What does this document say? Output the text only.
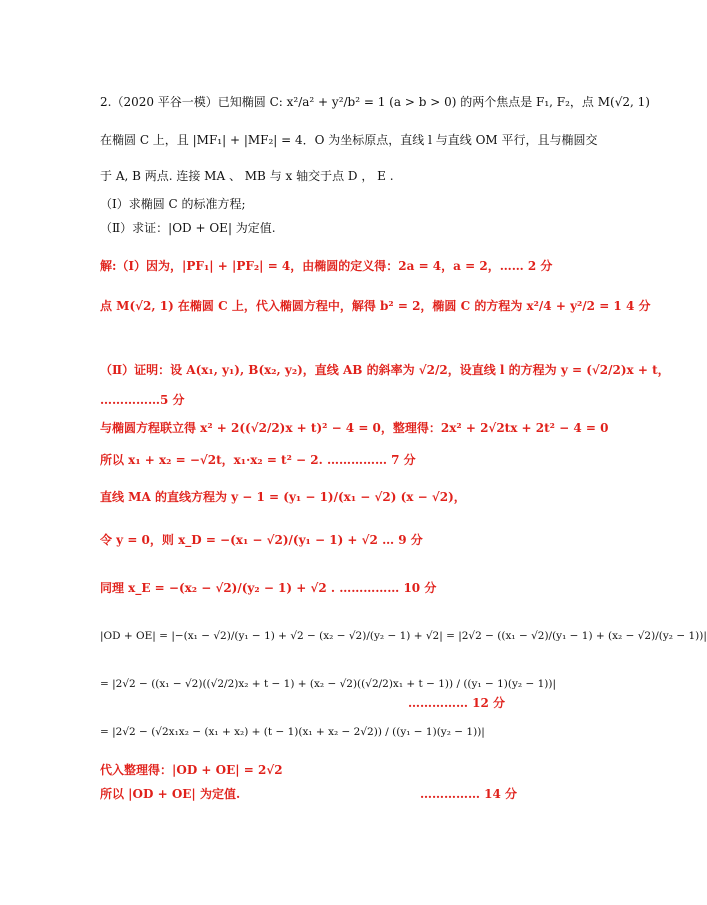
2.（2020 平谷一模）已知椭圆 C: x²/a² + y²/b² = 1 (a > b > 0) 的两个焦点是 F₁, F₂，点 M(√2, 1)
在椭圆 C 上，且 |MF₁| + |MF₂| = 4．O 为坐标原点，直线 l 与直线 OM 平行，且与椭圆交
于 A, B 两点. 连接 MA 、 MB 与 x 轴交于点 D ， E .
（Ⅰ）求椭圆 C 的标准方程;
（Ⅱ）求证：|OD + OE| 为定值.
解:（Ⅰ）因为，|PF₁| + |PF₂| = 4，由椭圆的定义得：2a = 4，a = 2，…… 2 分
点 M(√2, 1) 在椭圆 C 上，代入椭圆方程中，解得 b² = 2，椭圆 C 的方程为 x²/4 + y²/2 = 1 4 分
（Ⅱ）证明：设 A(x₁, y₁), B(x₂, y₂)，直线 AB 的斜率为 √2/2，设直线 l 的方程为 y = (√2/2)x + t，
……………5 分
与椭圆方程联立得 x² + 2((√2/2)x + t)² − 4 = 0，整理得：2x² + 2√2tx + 2t² − 4 = 0
所以 x₁ + x₂ = −√2t，x₁·x₂ = t² − 2. …………… 7 分
直线 MA 的直线方程为 y − 1 = (y₁ − 1)/(x₁ − √2) (x − √2)，
令 y = 0，则 x_D = −(x₁ − √2)/(y₁ − 1) + √2 … 9 分
同理 x_E = −(x₂ − √2)/(y₂ − 1) + √2 . …………… 10 分
|OD + OE| = |−(x₁ − √2)/(y₁ − 1) + √2 − (x₂ − √2)/(y₂ − 1) + √2| = |2√2 − ((x₁ − √2)/(y₁ − 1) + (x₂ − √2)/(y₂ − 1))|
= |2√2 − ((x₁ − √2)((√2/2)x₂ + t − 1) + (x₂ − √2)((√2/2)x₁ + t − 1)) / ((y₁ − 1)(y₂ − 1))|
…………… 12 分
= |2√2 − (√2x₁x₂ − (x₁ + x₂) + (t − 1)(x₁ + x₂ − 2√2)) / ((y₁ − 1)(y₂ − 1))|
代入整理得：|OD + OE| = 2√2
所以 |OD + OE| 为定值.	…………… 14 分
